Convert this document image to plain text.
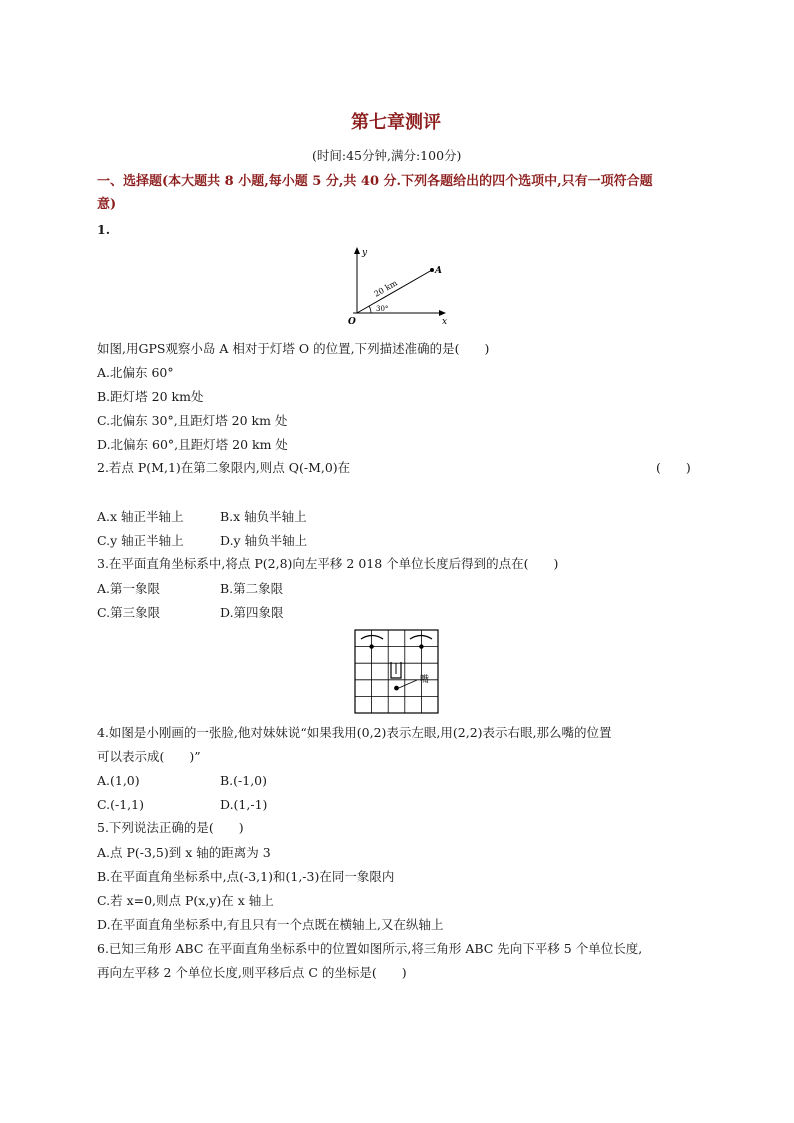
第七章测评
(时间:45分钟,满分:100分)
一、选择题(本大题共 8 小题,每小题 5 分,共 40 分.下列各题给出的四个选项中,只有一项符合题
意)
1.
y
x
O
A
20 km
30°
如图,用GPS观察小岛 A 相对于灯塔 O 的位置,下列描述准确的是(　　)
A.北偏东 60°
B.距灯塔 20 km处
C.北偏东 30°,且距灯塔 20 km 处
D.北偏东 60°,且距灯塔 20 km 处
2.若点 P(M,1)在第二象限内,则点 Q(-M,0)在	(　　)
A.x 轴正半轴上	B.x 轴负半轴上
C.y 轴正半轴上	D.y 轴负半轴上
3.在平面直角坐标系中,将点 P(2,8)向左平移 2 018 个单位长度后得到的点在(　　)
A.第一象限	B.第二象限
C.第三象限	D.第四象限
嘴
4.如图是小刚画的一张脸,他对妹妹说“如果我用(0,2)表示左眼,用(2,2)表示右眼,那么嘴的位置
可以表示成(　　)”
A.(1,0)	B.(-1,0)
C.(-1,1)	D.(1,-1)
5.下列说法正确的是(　　)
A.点 P(-3,5)到 x 轴的距离为 3
B.在平面直角坐标系中,点(-3,1)和(1,-3)在同一象限内
C.若 x=0,则点 P(x,y)在 x 轴上
D.在平面直角坐标系中,有且只有一个点既在横轴上,又在纵轴上
6.已知三角形 ABC 在平面直角坐标系中的位置如图所示,将三角形 ABC 先向下平移 5 个单位长度,
再向左平移 2 个单位长度,则平移后点 C 的坐标是(　　)
